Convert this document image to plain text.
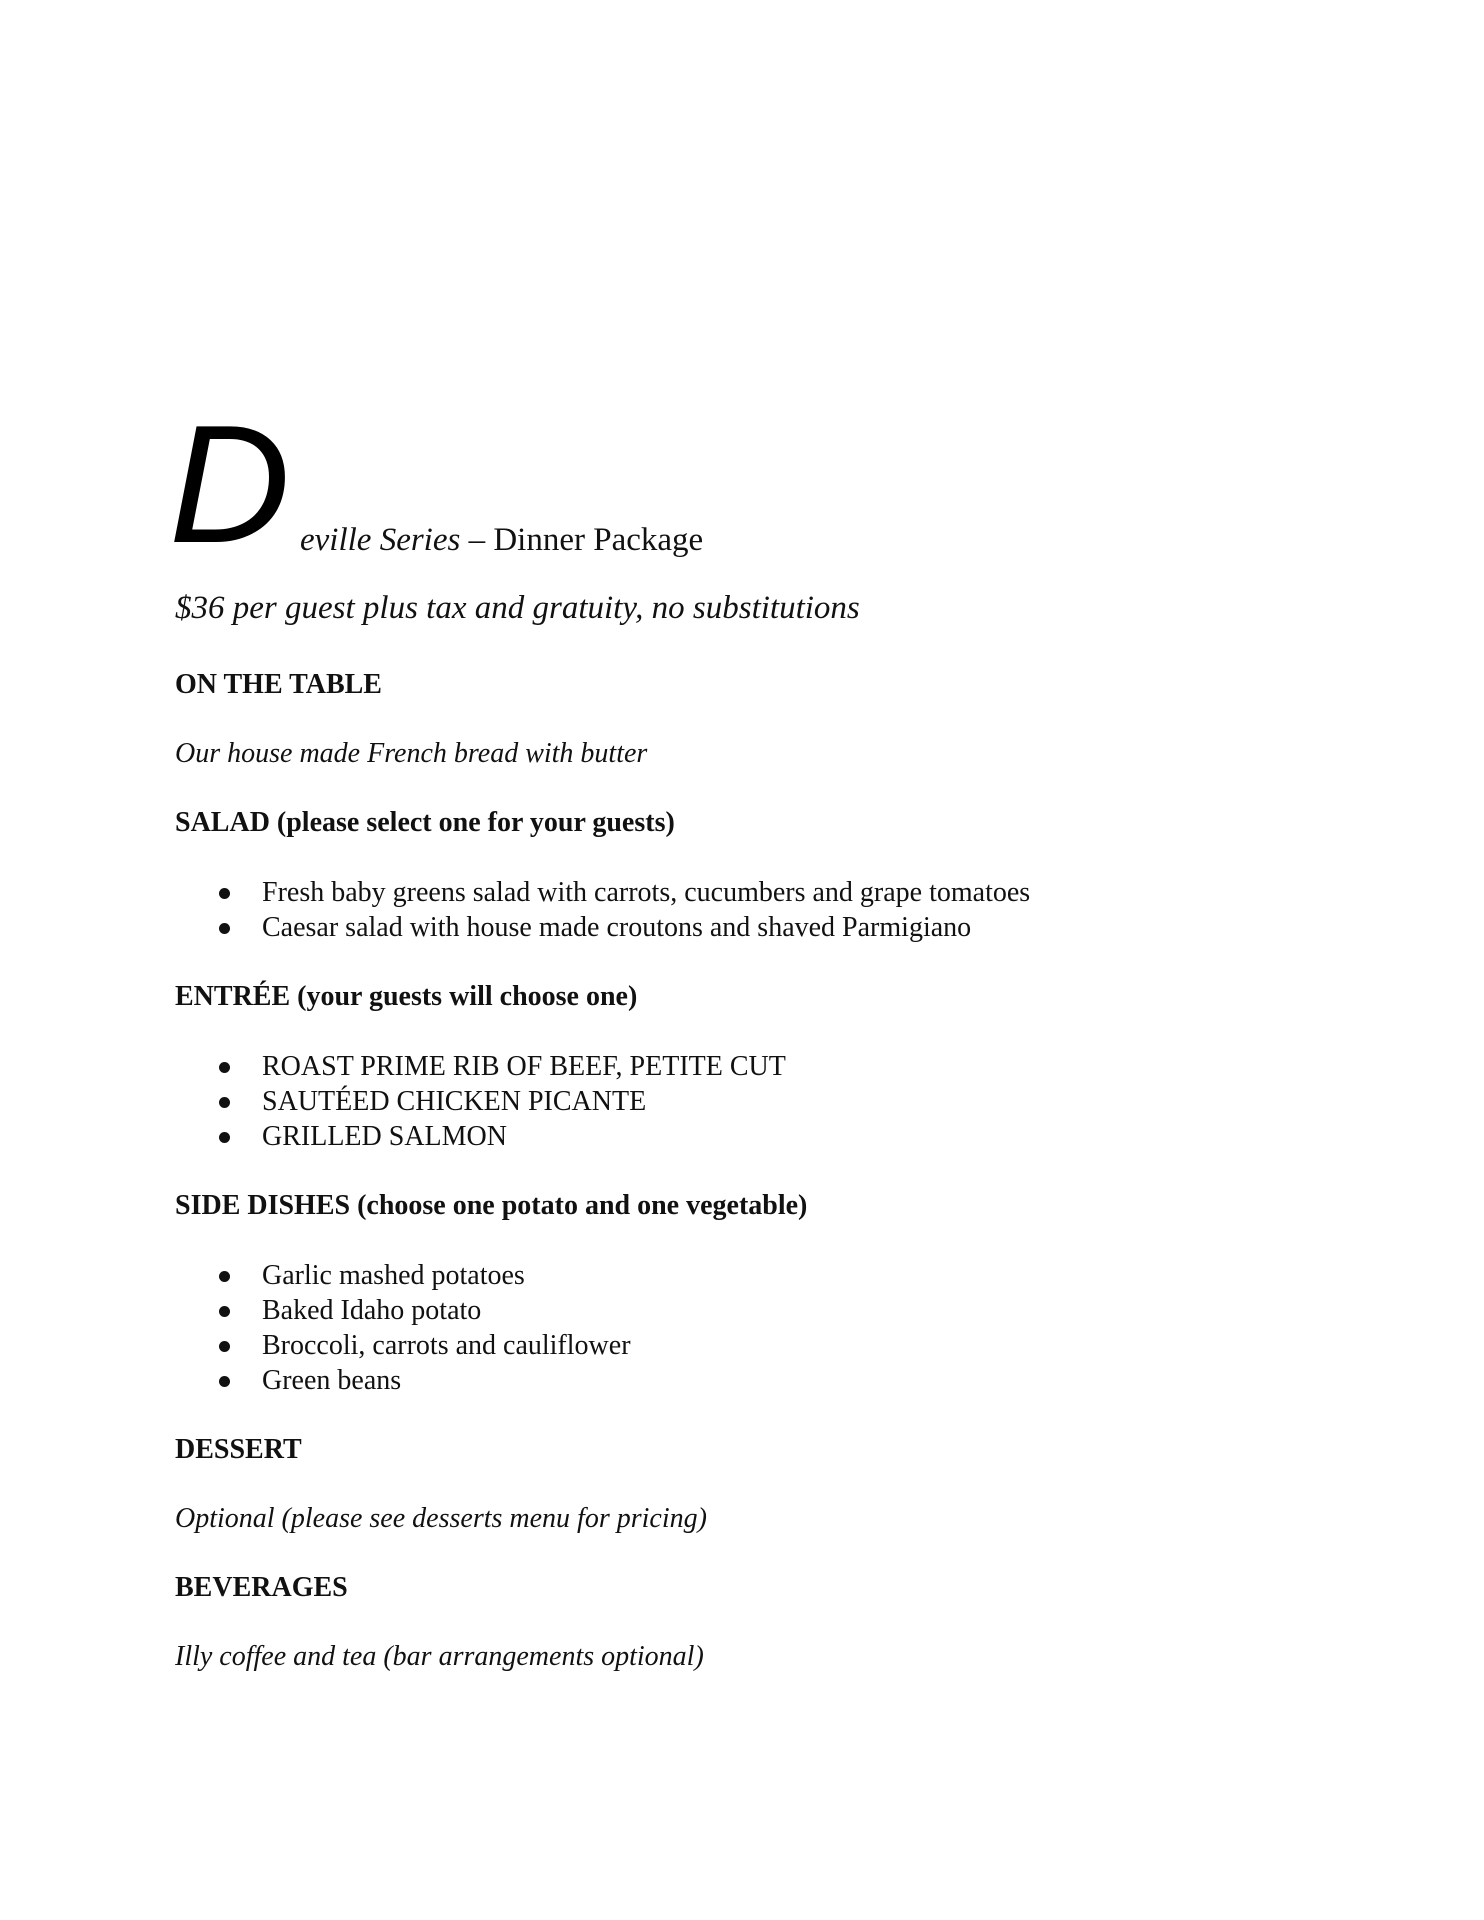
D eville Series – Dinner Package
$36 per guest plus tax and gratuity, no substitutions
ON THE TABLE
Our house made French bread with butter
SALAD (please select one for your guests)
Fresh baby greens salad with carrots, cucumbers and grape tomatoes
Caesar salad with house made croutons and shaved Parmigiano
ENTRÉE (your guests will choose one)
ROAST PRIME RIB OF BEEF, PETITE CUT
SAUTÉED CHICKEN PICANTE
GRILLED SALMON
SIDE DISHES (choose one potato and one vegetable)
Garlic mashed potatoes
Baked Idaho potato
Broccoli, carrots and cauliflower
Green beans
DESSERT
Optional (please see desserts menu for pricing)
BEVERAGES
Illy coffee and tea (bar arrangements optional)
